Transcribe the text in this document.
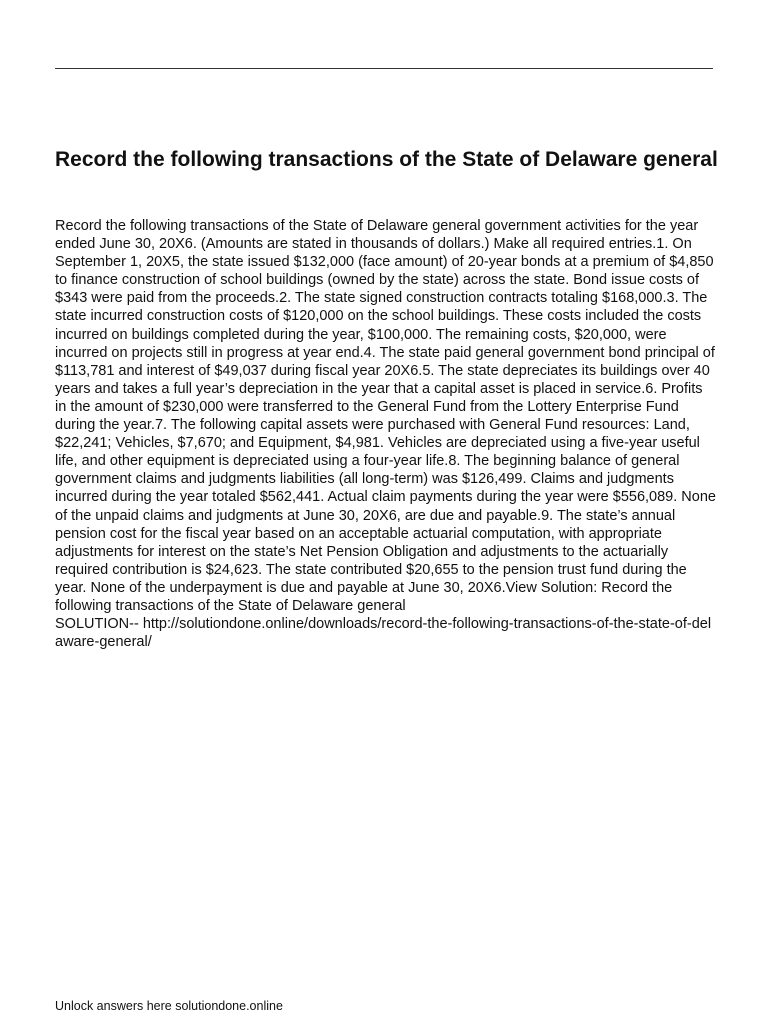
Record the following transactions of the State of Delaware general

Record the following transactions of the State of Delaware general government activities for the year ended June 30, 20X6. (Amounts are stated in thousands of dollars.) Make all required entries.1. On September 1, 20X5, the state issued $132,000 (face amount) of 20-year bonds at a premium of $4,850 to finance construction of school buildings (owned by the state) across the state. Bond issue costs of $343 were paid from the proceeds.2. The state signed construction contracts totaling $168,000.3. The state incurred construction costs of $120,000 on the school buildings. These costs included the costs incurred on buildings completed during the year, $100,000. The remaining costs, $20,000, were incurred on projects still in progress at year end.4. The state paid general government bond principal of $113,781 and interest of $49,037 during fiscal year 20X6.5. The state depreciates its buildings over 40 years and takes a full year’s depreciation in the year that a capital asset is placed in service.6. Profits in the amount of $230,000 were transferred to the General Fund from the Lottery Enterprise Fund during the year.7. The following capital assets were purchased with General Fund resources: Land, $22,241; Vehicles, $7,670; and Equipment, $4,981. Vehicles are depreciated using a five-year useful life, and other equipment is depreciated using a four-year life.8. The beginning balance of general government claims and judgments liabilities (all long-term) was $126,499. Claims and judgments incurred during the year totaled $562,441. Actual claim payments during the year were $556,089. None of the unpaid claims and judgments at June 30, 20X6, are due and payable.9. The state’s annual pension cost for the fiscal year based on an acceptable actuarial computation, with appropriate adjustments for interest on the state’s Net Pension Obligation and adjustments to the actuarially required contribution is $24,623. The state contributed $20,655 to the pension trust fund during the year. None of the underpayment is due and payable at June 30, 20X6.View Solution: Record the following transactions of the State of Delaware general

SOLUTION-- http://solutiondone.online/downloads/record-the-following-transactions-of-the-state-of-delaware-general/

Unlock answers here solutiondone.online
